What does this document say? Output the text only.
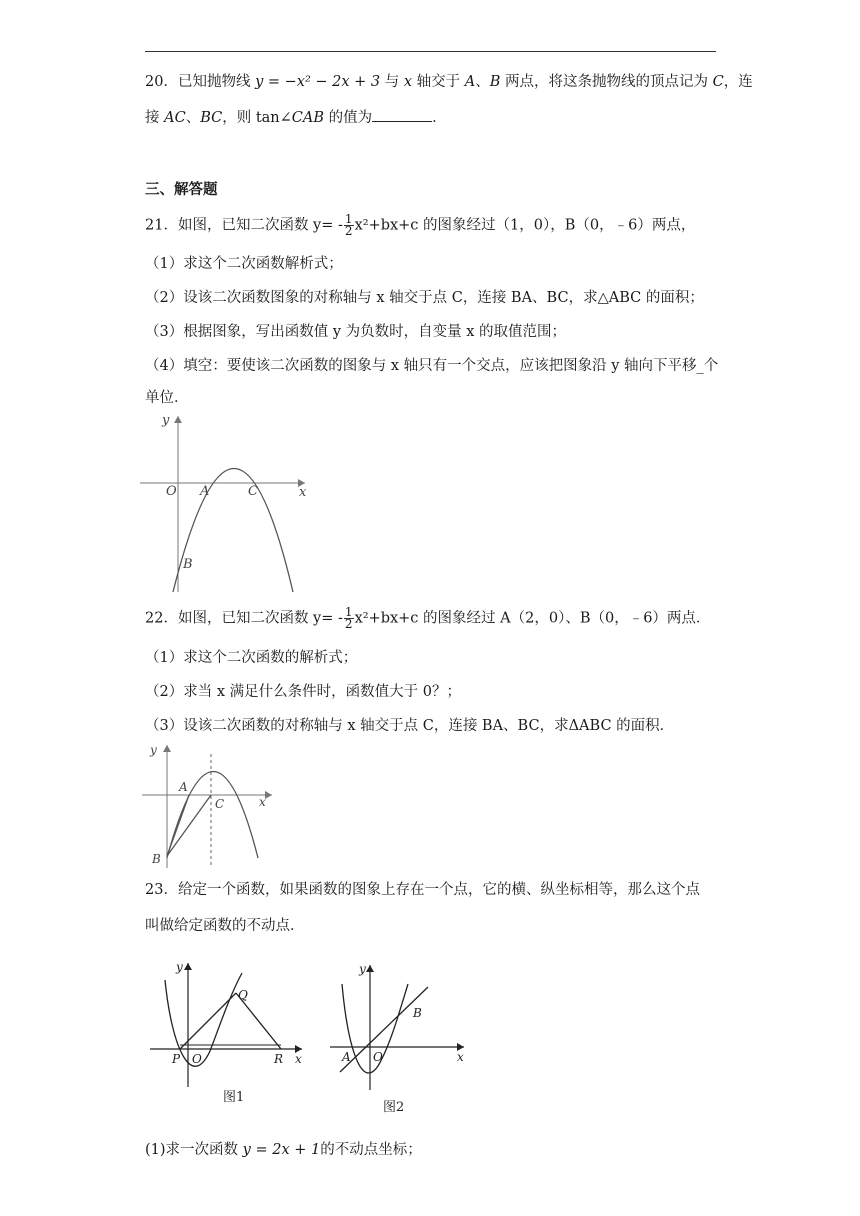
20．已知抛物线 y = −x² − 2x + 3 与 x 轴交于 A、B 两点，将这条抛物线的顶点记为 C，连
接 AC、BC，则 tan∠CAB 的值为	．
三、解答题
21．如图，已知二次函数 $y= - \frac{1}{2} x^2+bx+c$ 的图象经过（1，0），B（0，﹣6）两点，
（1）求这个二次函数解析式；
（2）设该二次函数图象的对称轴与 x 轴交于点 C，连接 BA、BC，求△ABC 的面积；
（3）根据图象，写出函数值 y 为负数时，自变量 x 的取值范围；
（4）填空：要使该二次函数的图象与 x 轴只有一个交点，应该把图象沿 y 轴向下平移_个
单位．
y
x
O A	C
B
22．如图，已知二次函数 $y= - \frac{1}{2} x^2+bx+c$ 的图象经过 A（2，0）、B（0，﹣6）两点．
（1）求这个二次函数的解析式；
（2）求当 x 满足什么条件时，函数值大于 0？；
（3）设该二次函数的对称轴与 x 轴交于点 C，连接 BA、BC，求ΔABC 的面积．
y
x
A
C
B
23．给定一个函数，如果函数的图象上存在一个点，它的横、纵坐标相等，那么这个点
叫做给定函数的不动点．
y
x
Q
P O	R
图1
y
x
B
A O
图2
(1)求一次函数 y = 2x + 1的不动点坐标；
